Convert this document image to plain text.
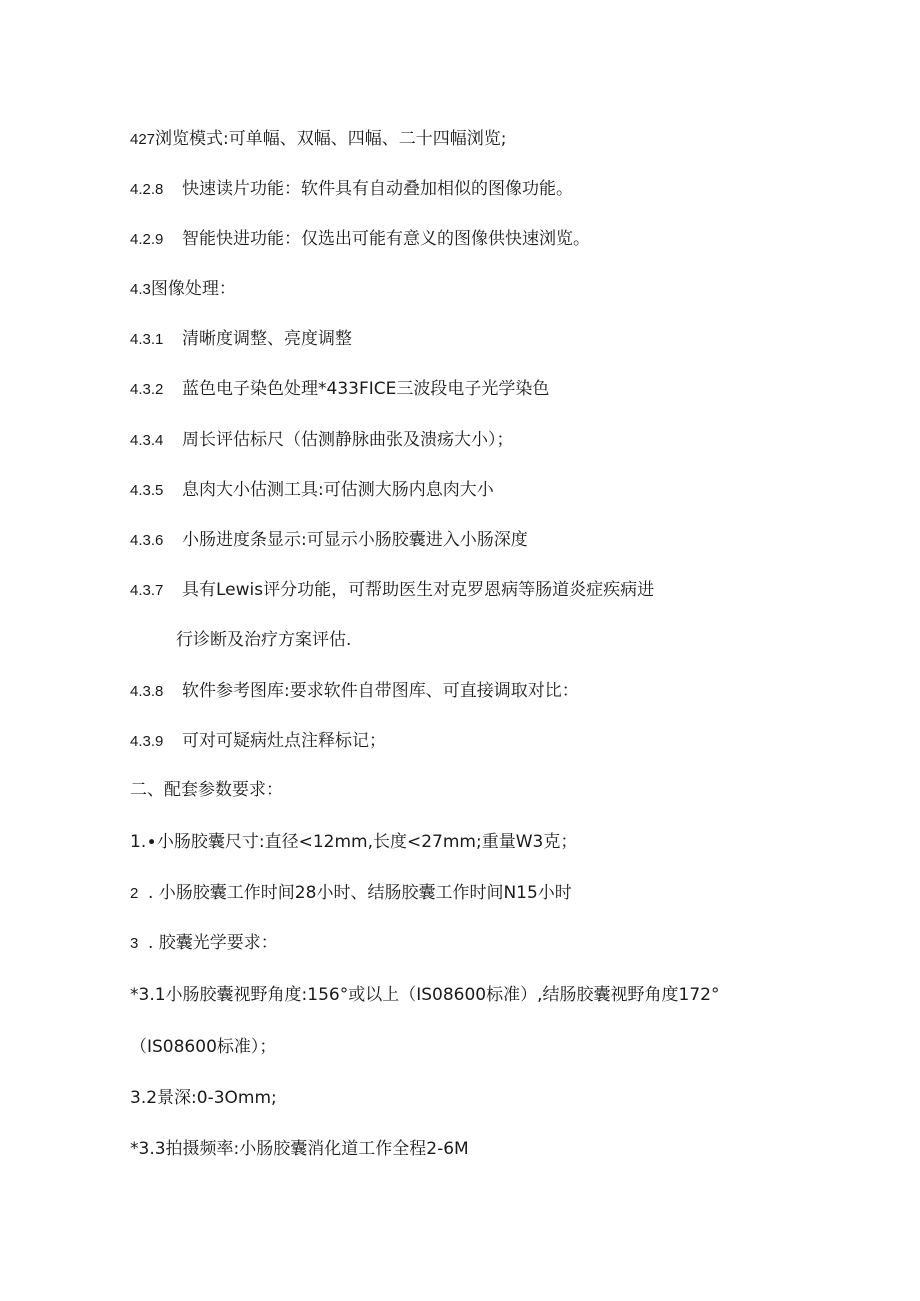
427浏览模式:可单幅、双幅、四幅、二十四幅浏览;
4.2.8 快速读片功能：软件具有自动叠加相似的图像功能。
4.2.9 智能快进功能：仅选出可能有意义的图像供快速浏览。
4.3图像处理：
4.3.1 清晰度调整、亮度调整
4.3.2 蓝色电子染色处理*433FICE三波段电子光学染色
4.3.4 周长评估标尺（估测静脉曲张及溃疡大小）；
4.3.5 息肉大小估测工具:可估测大肠内息肉大小
4.3.6 小肠进度条显示:可显示小肠胶囊进入小肠深度
4.3.7 具有Lewis评分功能，可帮助医生对克罗恩病等肠道炎症疾病进
行诊断及治疗方案评估.
4.3.8 软件参考图库:要求软件自带图库、可直接调取对比：
4.3.9 可对可疑病灶点注释标记；
二、配套参数要求：
1.∙小肠胶囊尺寸:直径<12mm,长度<27mm;重量W3克；
2 . 小肠胶囊工作时间28小时、结肠胶囊工作时间N15小时
3 . 胶囊光学要求：
*3.1小肠胶囊视野角度:156°或以上（IS08600标准）,结肠胶囊视野角度172°
（IS08600标准）；
3.2景深:0-3Omm;
*3.3拍摄频率:小肠胶囊消化道工作全程2-6M
